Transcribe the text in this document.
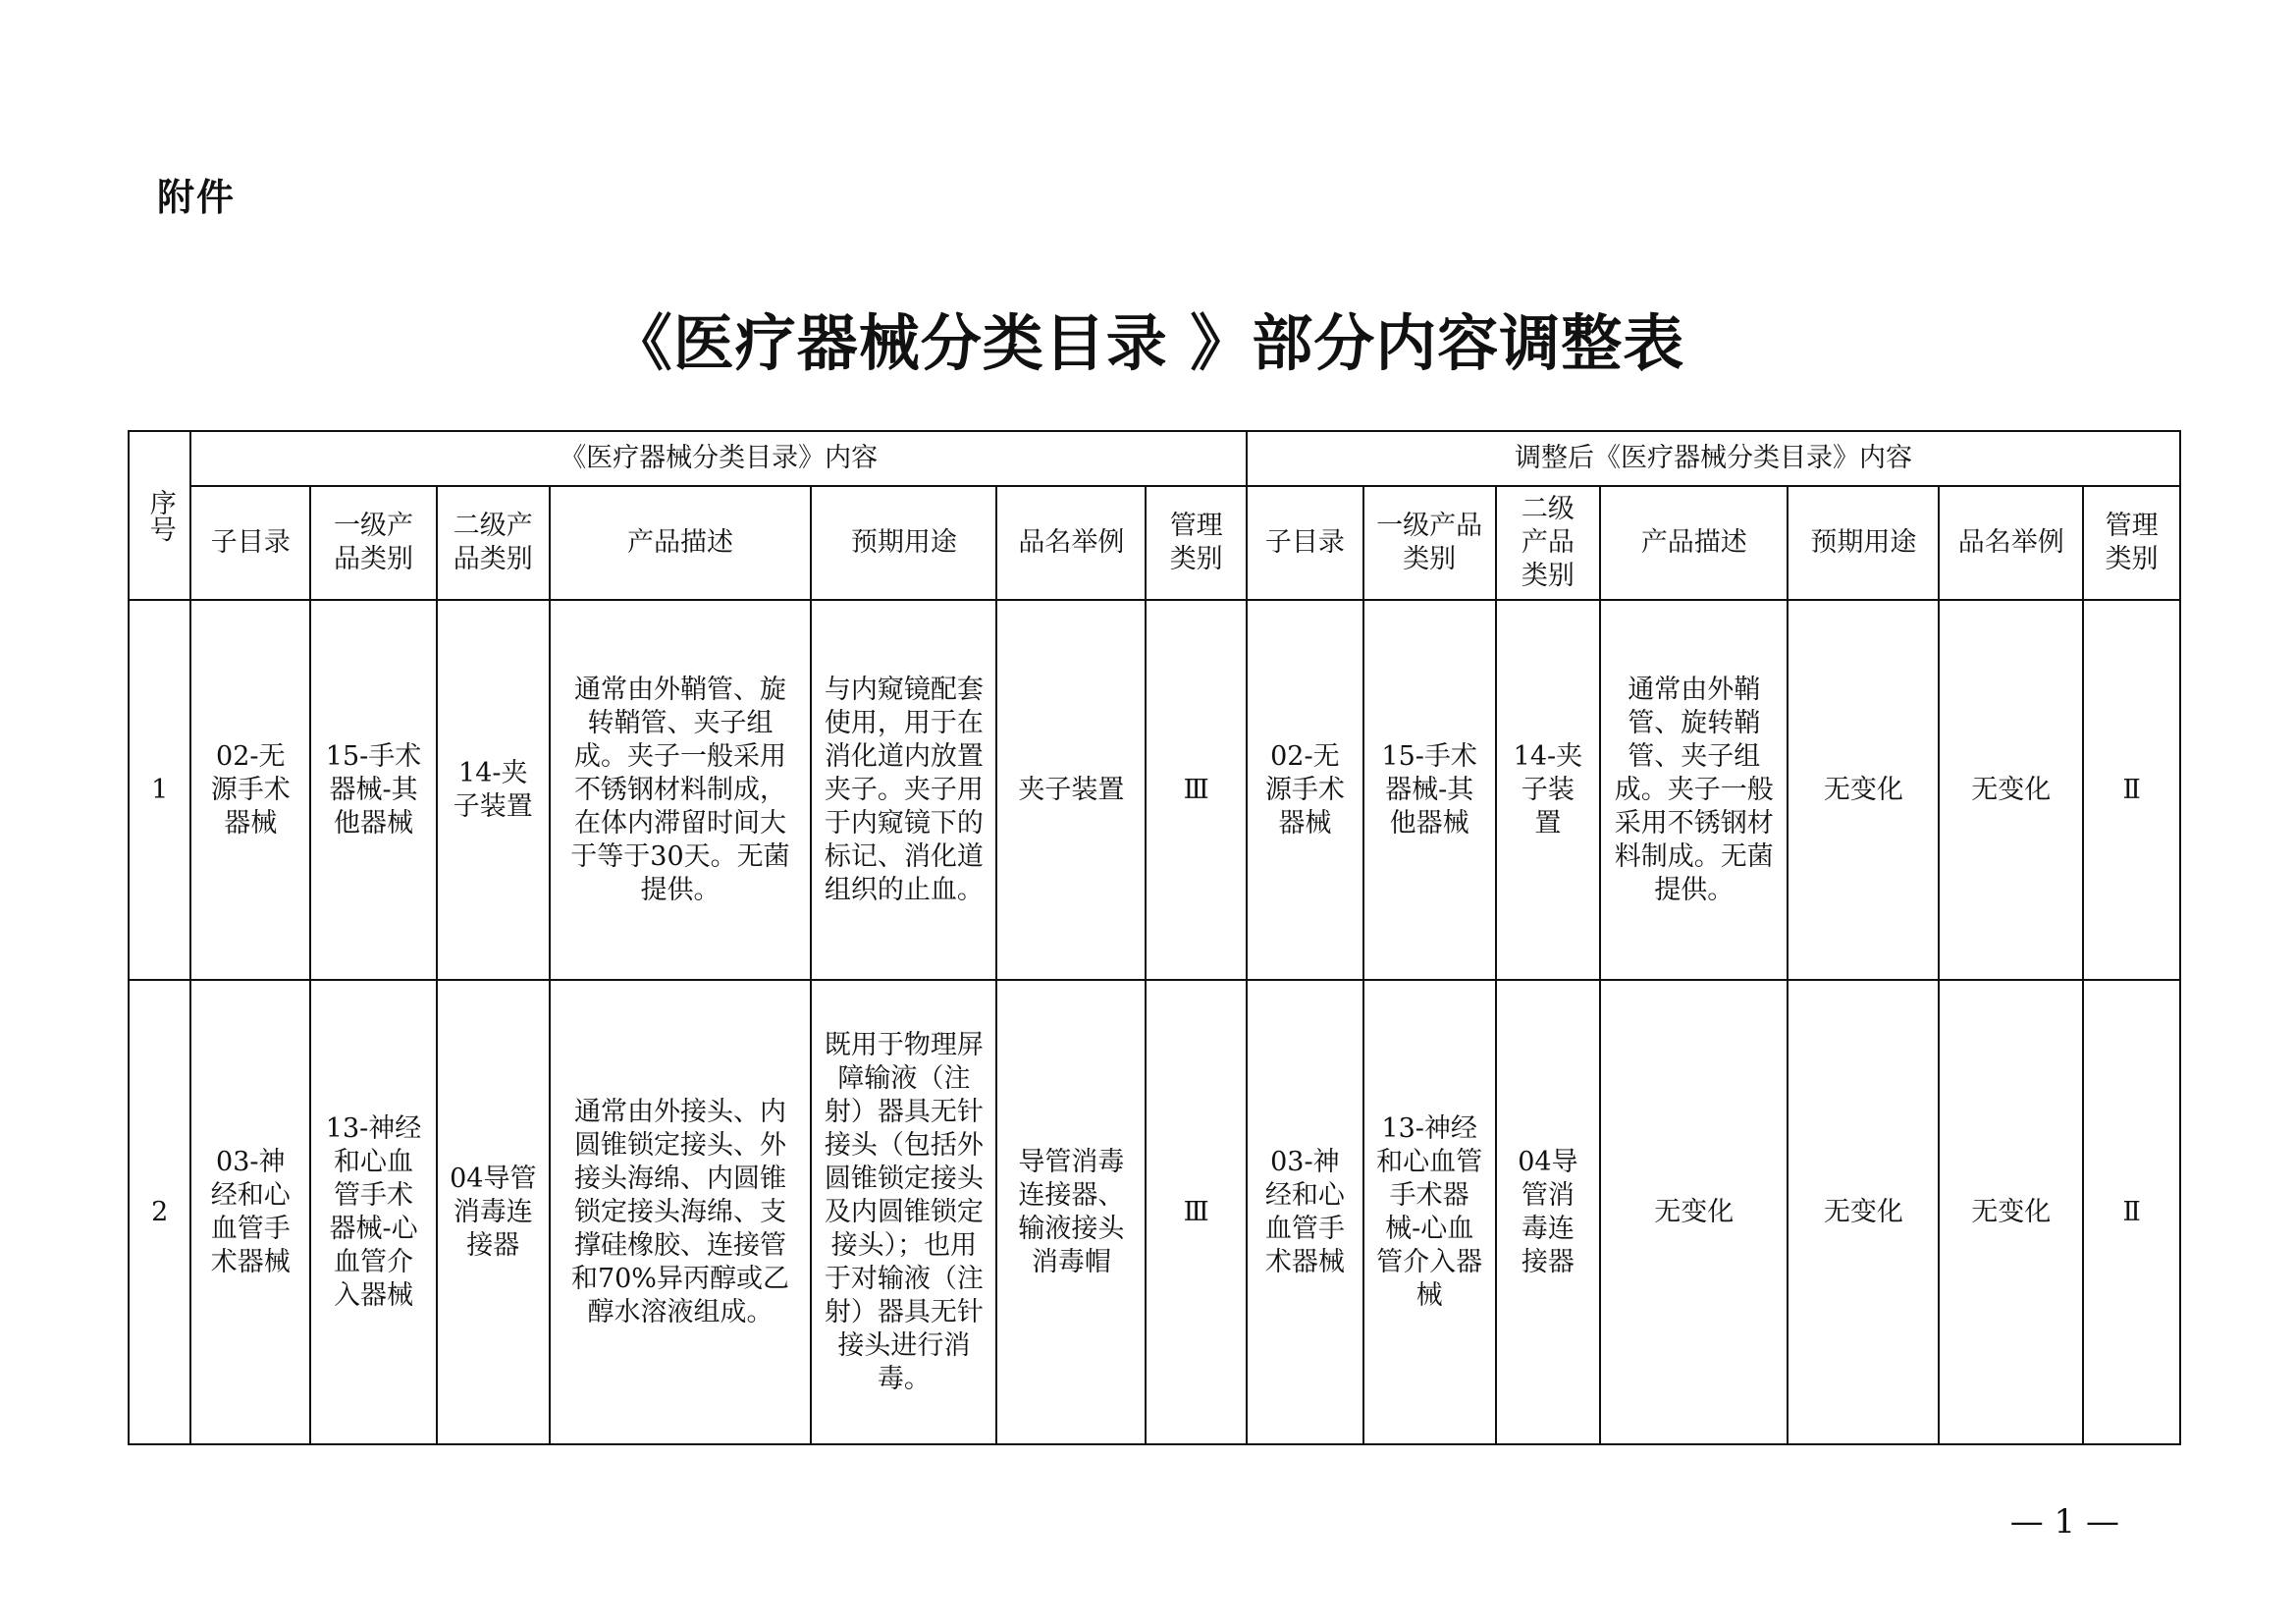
附件
《医疗器械分类目录 》部分内容调整表
序号	《医疗器械分类目录》内容							调整后《医疗器械分类目录》内容						
	子目录	一级产品类别	二级产品类别	产品描述	预期用途	品名举例	管理类别	子目录	一级产品类别	二级产品类别	产品描述	预期用途	品名举例	管理类别
1	02-无源手术器械	15-手术器械-其他器械	14-夹子装置	通常由外鞘管、旋转鞘管、夹子组成。夹子一般采用不锈钢材料制成，在体内滞留时间大于等于30天。无菌提供。	与内窥镜配套使用，用于在消化道内放置夹子。夹子用于内窥镜下的标记、消化道组织的止血。	夹子装置	Ⅲ	02-无源手术器械	15-手术器械-其他器械	14-夹子装置	通常由外鞘管、旋转鞘管、夹子组成。夹子一般采用不锈钢材料制成。无菌提供。	无变化	无变化	Ⅱ
2	03-神经和心血管手术器械	13-神经和心血管手术器械-心血管介入器械	04导管消毒连接器	通常由外接头、内圆锥锁定接头、外接头海绵、内圆锥锁定接头海绵、支撑硅橡胶、连接管和70%异丙醇或乙醇水溶液组成。	既用于物理屏障输液（注射）器具无针接头（包括外圆锥锁定接头及内圆锥锁定接头）；也用于对输液（注射）器具无针接头进行消毒。	导管消毒连接器、输液接头消毒帽	Ⅲ	03-神经和心血管手术器械	13-神经和心血管手术器械-心血管介入器械	04导管消毒连接器	无变化	无变化	无变化	Ⅱ
— 1 —
